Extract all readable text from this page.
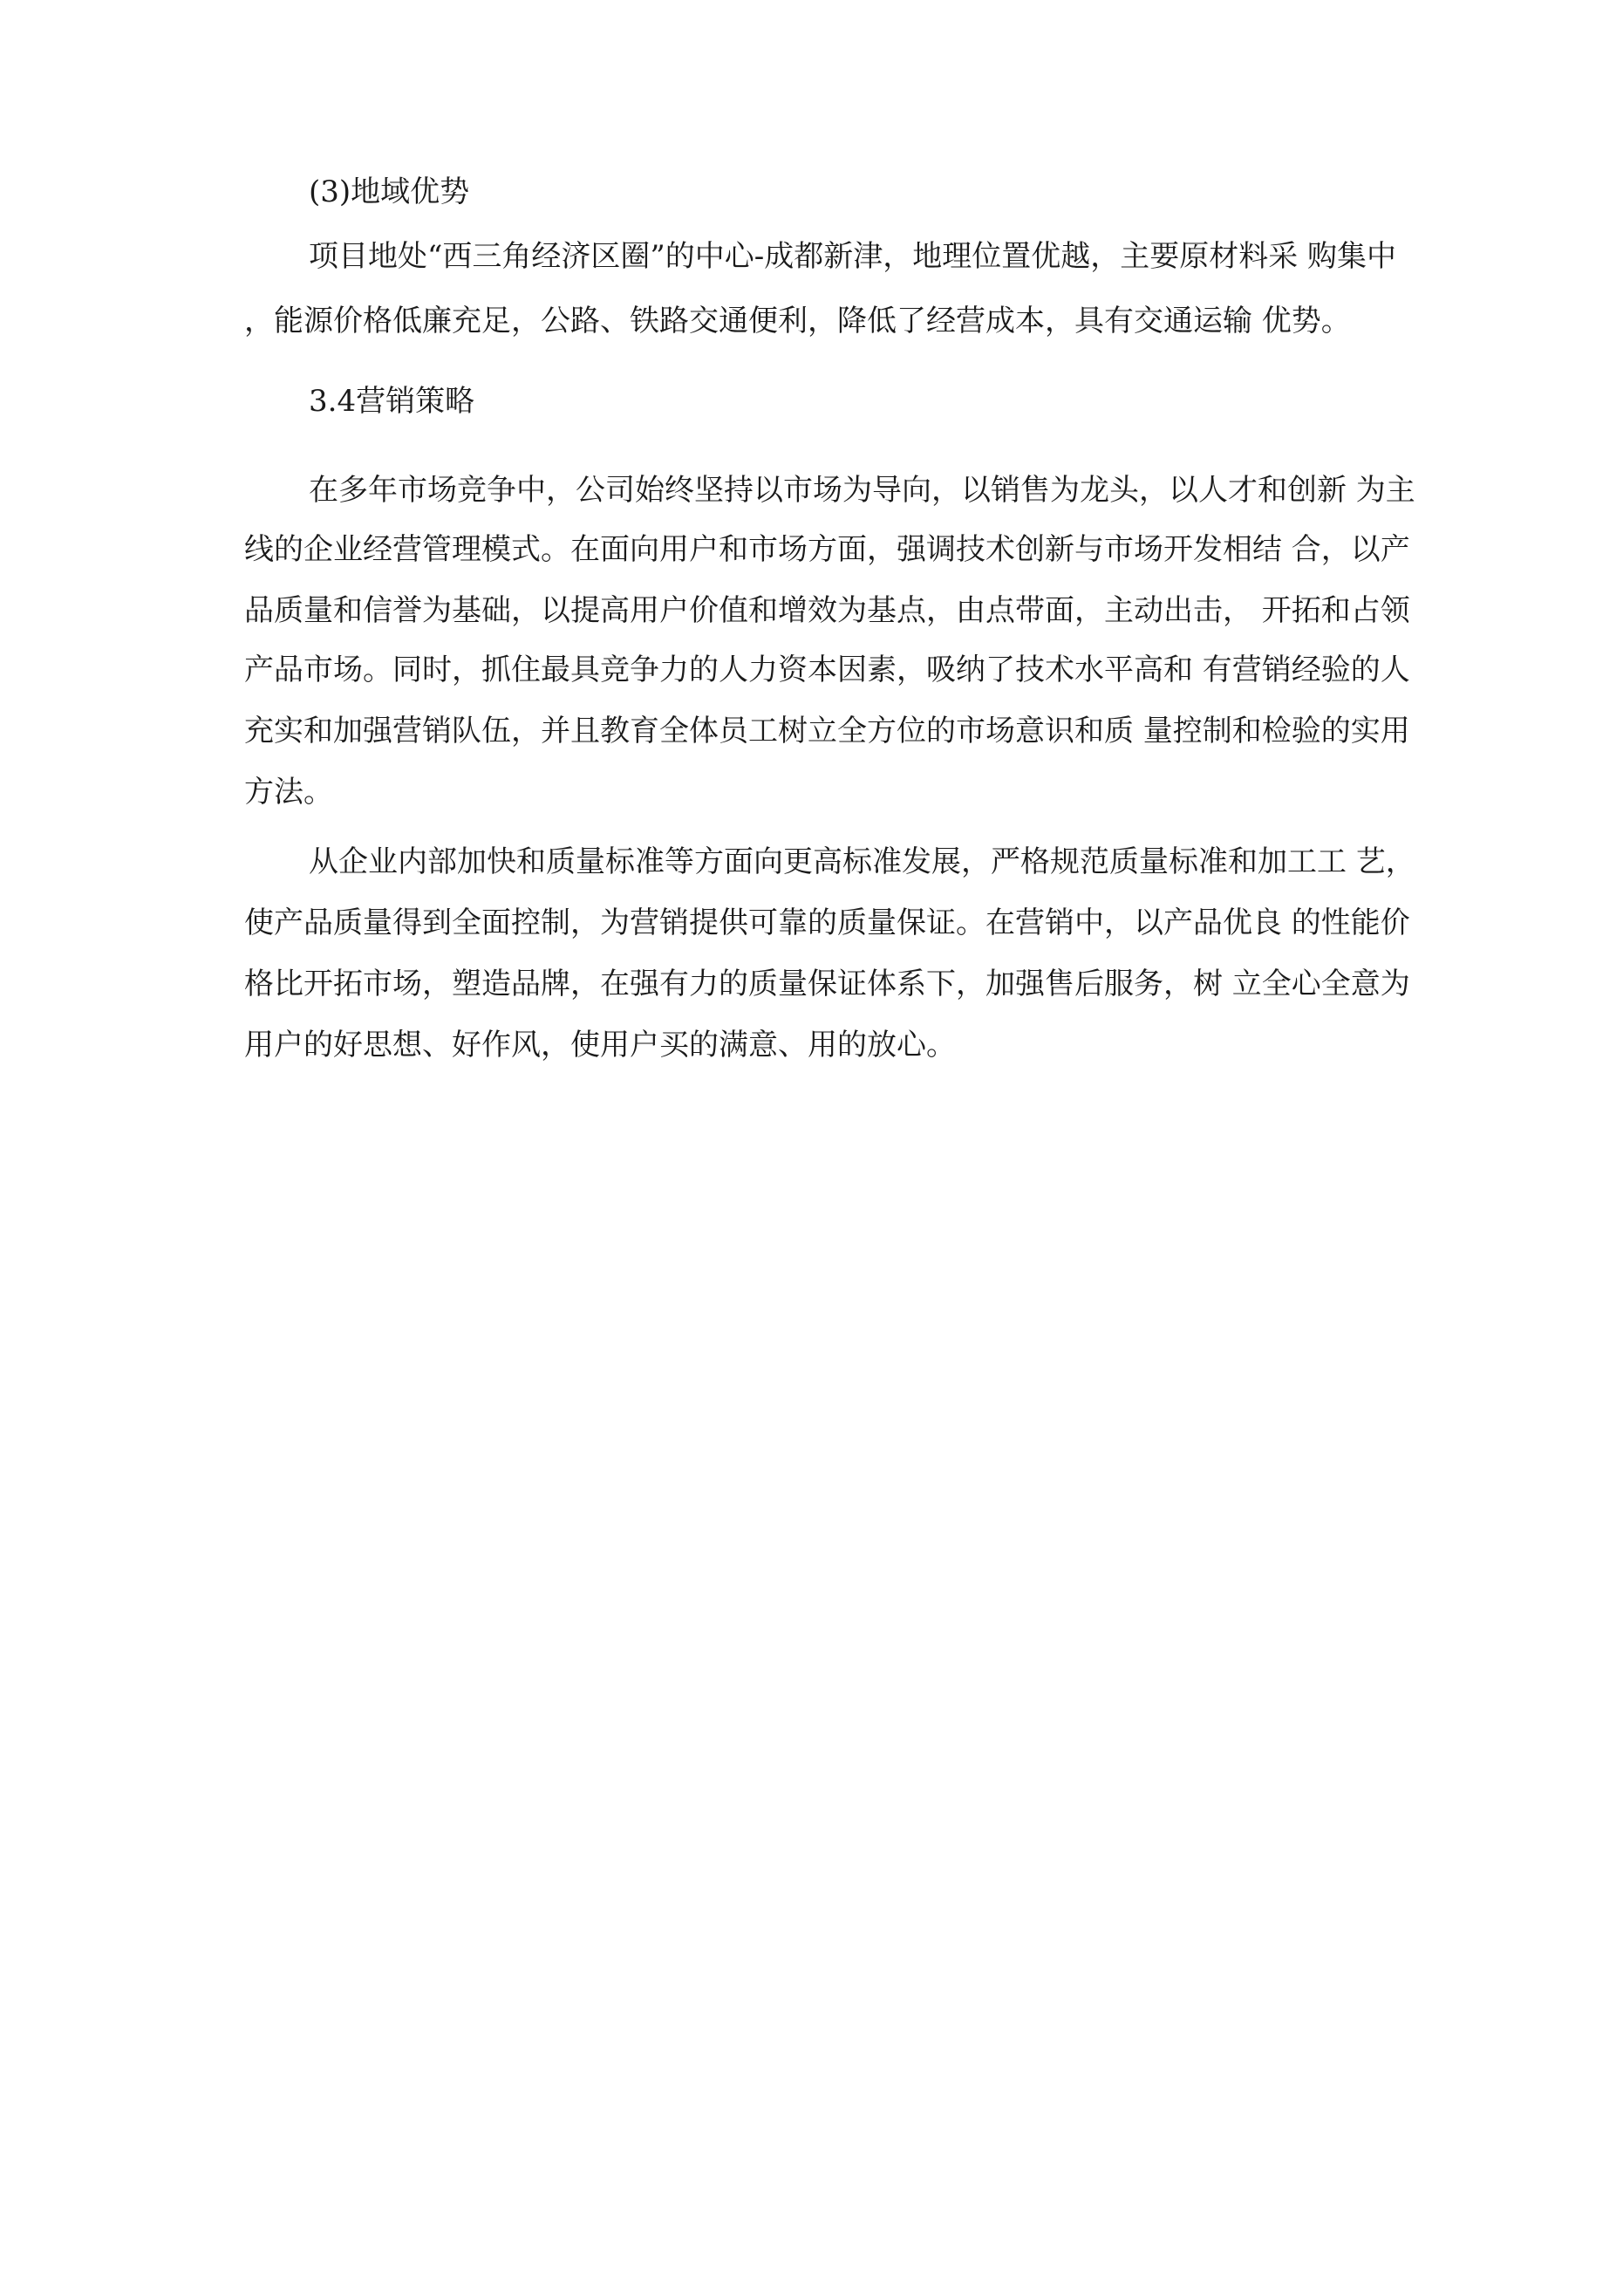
(3)地域优势
项目地处“西三角经济区圈”的中心-成都新津，地理位置优越，主要原材料采 购集中
，能源价格低廉充足，公路、铁路交通便利，降低了经营成本，具有交通运输 优势。
3.4营销策略
在多年市场竞争中，公司始终坚持以市场为导向，以销售为龙头，以人才和创新 为主
线的企业经营管理模式。在面向用户和市场方面，强调技术创新与市场开发相结 合，以产
品质量和信誉为基础，以提高用户价值和增效为基点，由点带面，主动出击， 开拓和占领
产品市场。同时，抓住最具竞争力的人力资本因素，吸纳了技术水平高和 有营销经验的人
充实和加强营销队伍，并且教育全体员工树立全方位的市场意识和质 量控制和检验的实用
方法。
从企业内部加快和质量标准等方面向更高标准发展，严格规范质量标准和加工工 艺，
使产品质量得到全面控制，为营销提供可靠的质量保证。在营销中，以产品优良 的性能价
格比开拓市场，塑造品牌，在强有力的质量保证体系下，加强售后服务，树 立全心全意为
用户的好思想、好作风，使用户买的满意、用的放心。
